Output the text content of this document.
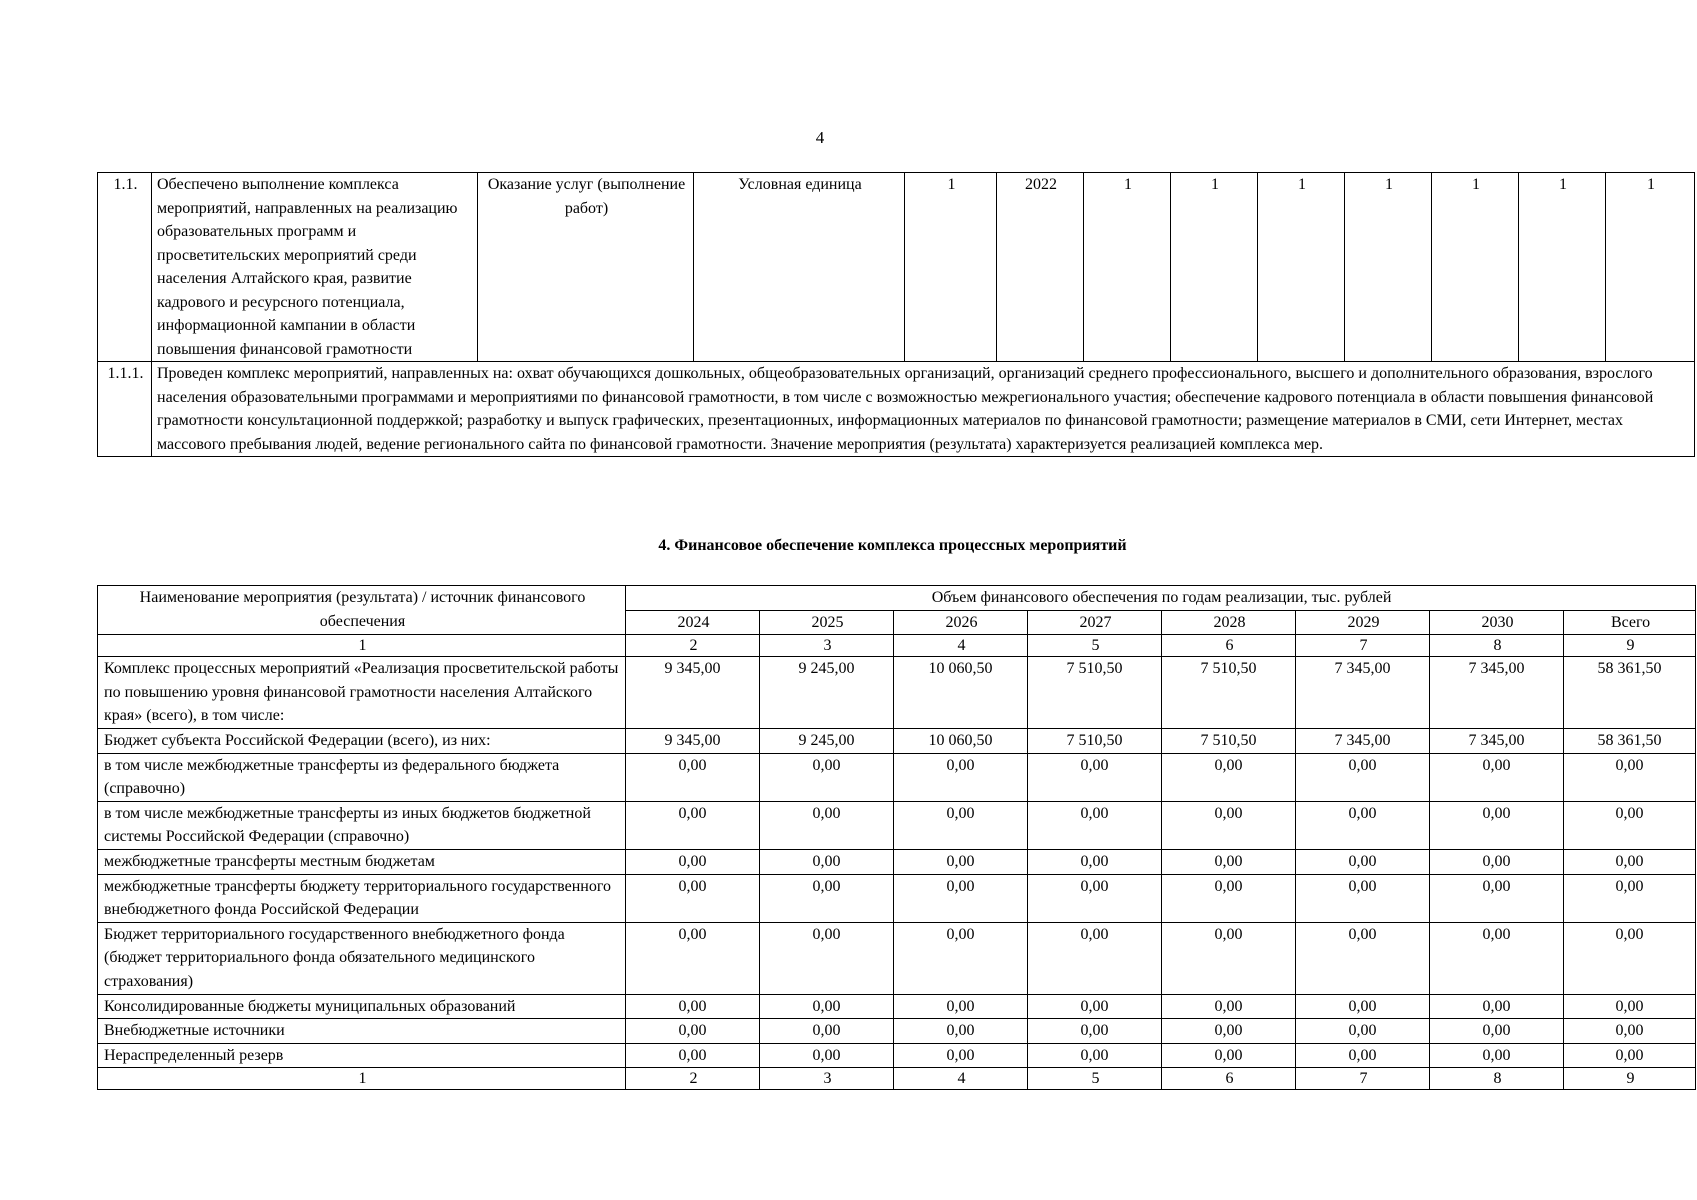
4
1.1.	Обеспечено выполнение комплекса мероприятий, направленных на реализацию образовательных программ и просветительских мероприятий среди населения Алтайского края, развитие кадрового и ресурсного потенциала, информационной кампании в области повышения финансовой грамотности	Оказание услуг (выполнение работ)	Условная единица	1	2022	1	1	1	1	1	1	1
1.1.1.	Проведен комплекс мероприятий, направленных на: охват обучающихся дошкольных, общеобразовательных организаций, организаций среднего профессионального, высшего и дополнительного образования, взрослого населения образовательными программами и мероприятиями по финансовой грамотности, в том числе с возможностью межрегионального участия; обеспечение кадрового потенциала в области повышения финансовой грамотности консультационной поддержкой; разработку и выпуск графических, презентационных, информационных материалов по финансовой грамотности; размещение материалов в СМИ, сети Интернет, местах массового пребывания людей, ведение регионального сайта по финансовой грамотности. Значение мероприятия (результата) характеризуется реализацией комплекса мер.											
4. Финансовое обеспечение комплекса процессных мероприятий
Наименование мероприятия (результата) / источник финансового обеспечения	Объем финансового обеспечения по годам реализации, тыс. рублей							
	2024	2025	2026	2027	2028	2029	2030	Всего
1	2	3	4	5	6	7	8	9
Комплекс процессных мероприятий «Реализация просветительской работы по повышению уровня финансовой грамотности населения Алтайского края» (всего), в том числе:	9 345,00	9 245,00	10 060,50	7 510,50	7 510,50	7 345,00	7 345,00	58 361,50
Бюджет субъекта Российской Федерации (всего), из них:	9 345,00	9 245,00	10 060,50	7 510,50	7 510,50	7 345,00	7 345,00	58 361,50
в том числе межбюджетные трансферты из федерального бюджета (справочно)	0,00	0,00	0,00	0,00	0,00	0,00	0,00	0,00
в том числе межбюджетные трансферты из иных бюджетов бюджетной системы Российской Федерации (справочно)	0,00	0,00	0,00	0,00	0,00	0,00	0,00	0,00
межбюджетные трансферты местным бюджетам	0,00	0,00	0,00	0,00	0,00	0,00	0,00	0,00
межбюджетные трансферты бюджету территориального государственного внебюджетного фонда Российской Федерации	0,00	0,00	0,00	0,00	0,00	0,00	0,00	0,00
Бюджет территориального государственного внебюджетного фонда (бюджет территориального фонда обязательного медицинского страхования)	0,00	0,00	0,00	0,00	0,00	0,00	0,00	0,00
Консолидированные бюджеты муниципальных образований	0,00	0,00	0,00	0,00	0,00	0,00	0,00	0,00
Внебюджетные источники	0,00	0,00	0,00	0,00	0,00	0,00	0,00	0,00
Нераспределенный резерв	0,00	0,00	0,00	0,00	0,00	0,00	0,00	0,00
1	2	3	4	5	6	7	8	9
